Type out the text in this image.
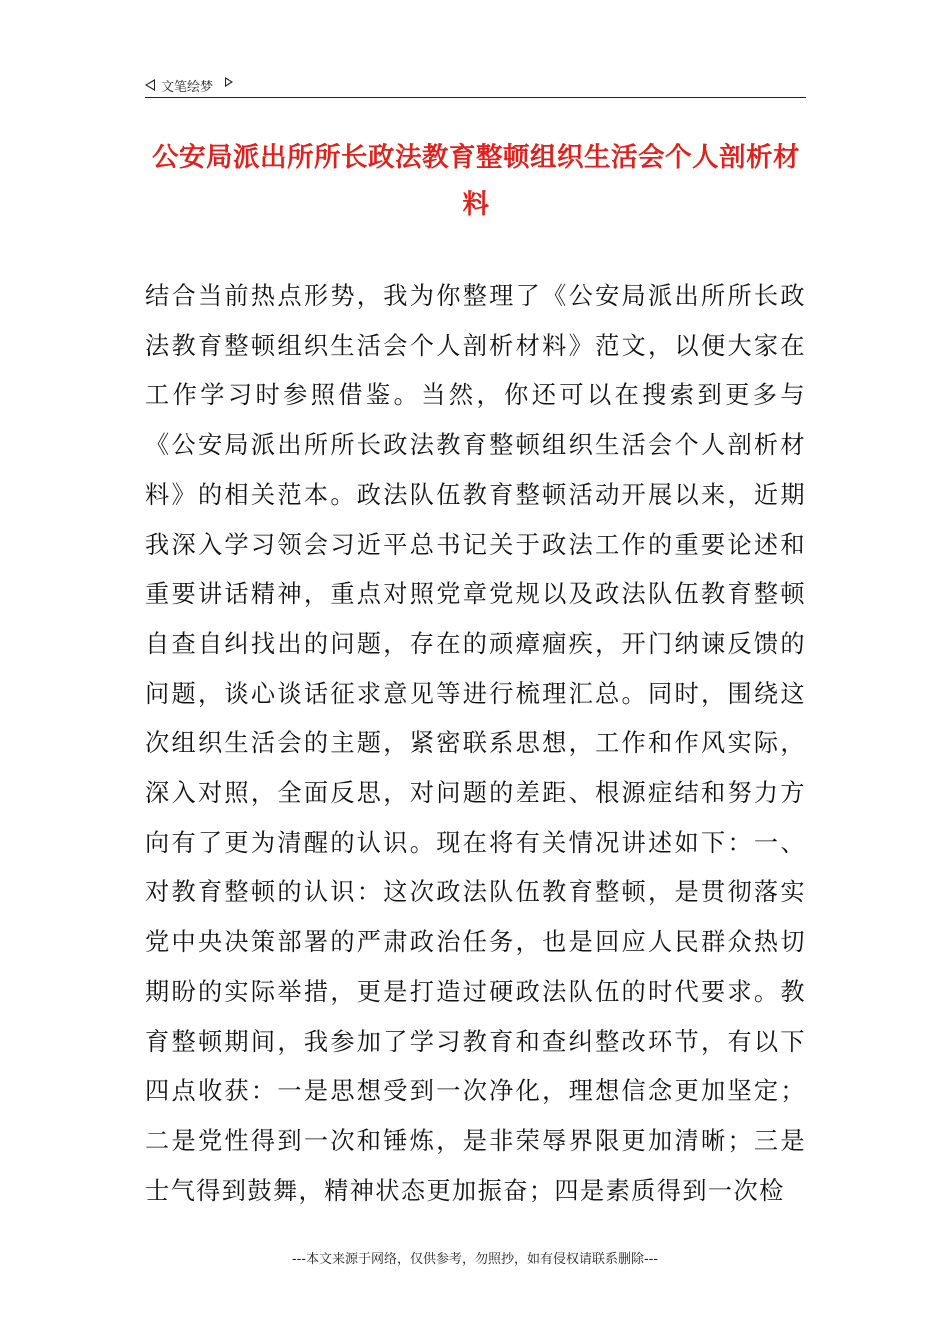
文笔绘梦
公安局派出所所长政法教育整顿组织生活会个人剖析材料
结合当前热点形势，我为你整理了《公安局派出所所长政法教育整顿组织生活会个人剖析材料》范文，以便大家在工作学习时参照借鉴。当然，你还可以在搜索到更多与《公安局派出所所长政法教育整顿组织生活会个人剖析材料》的相关范本。政法队伍教育整顿活动开展以来，近期我深入学习领会习近平总书记关于政法工作的重要论述和重要讲话精神，重点对照党章党规以及政法队伍教育整顿自查自纠找出的问题，存在的顽瘴痼疾，开门纳谏反馈的问题，谈心谈话征求意见等进行梳理汇总。同时，围绕这次组织生活会的主题，紧密联系思想，工作和作风实际，深入对照，全面反思，对问题的差距、根源症结和努力方向有了更为清醒的认识。现在将有关情况讲述如下：一、对教育整顿的认识：这次政法队伍教育整顿，是贯彻落实党中央决策部署的严肃政治任务，也是回应人民群众热切期盼的实际举措，更是打造过硬政法队伍的时代要求。教育整顿期间，我参加了学习教育和查纠整改环节，有以下四点收获：一是思想受到一次净化，理想信念更加坚定；二是党性得到一次和锤炼，是非荣辱界限更加清晰；三是士气得到鼓舞，精神状态更加振奋；四是素质得到一次检
---本文来源于网络，仅供参考，勿照抄，如有侵权请联系删除---
